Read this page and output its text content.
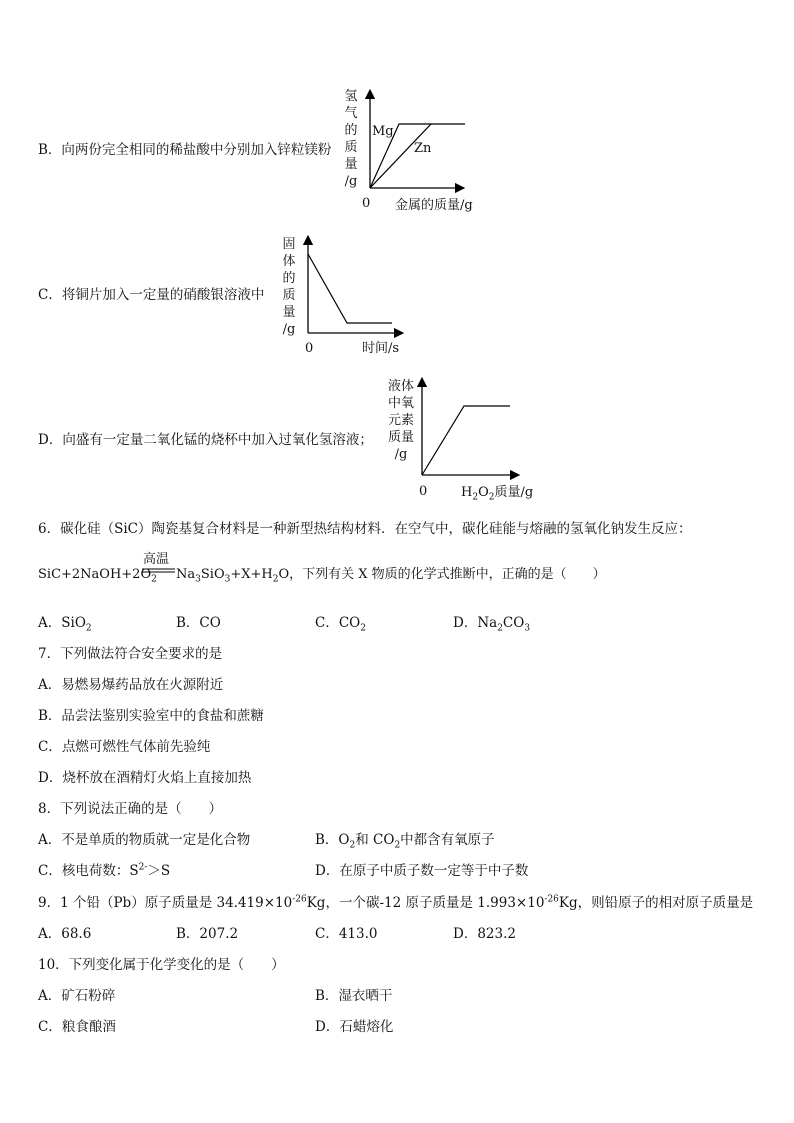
B．向两份完全相同的稀盐酸中分别加入锌粒镁粉
氢
气
的
质
量
/g
Mg
Zn
0 金属的质量/g
C．将铜片加入一定量的硝酸银溶液中
固
体
的
质
量
/g
0	时间/s
D．向盛有一定量二氧化锰的烧杯中加入过氧化氢溶液；
液体
中氧
元素
质量
/g
0	$H_2O_2$质量/g
6．碳化硅（SiC）陶瓷基复合材料是一种新型热结构材料．在空气中，碳化硅能与熔融的氢氧化钠发生反应：
高温
$SiC+2NaOH+2O_2$ $Na_3SiO_3+X+H_2O$，下列有关 X 物质的化学式推断中，正确的是（　　）
A．SiO$_2$	B．CO	C．$CO_2$	D．$Na_2CO_3$
7．下列做法符合安全要求的是
A．易燃易爆药品放在火源附近
B．品尝法鉴别实验室中的食盐和蔗糖
C．点燃可燃性气体前先验纯
D．烧杯放在酒精灯火焰上直接加热
8．下列说法正确的是（　　）
A．不是单质的物质就一定是化合物	B．$O_2$和 $CO_2$中都含有氧原子
C．核电荷数：$S^{2-}>S$	D．在原子中质子数一定等于中子数
9．1 个铅（Pb）原子质量是 $34.419\times 10^{-26}Kg$，一个碳-12 原子质量是 $1.993\times 10^{-26}Kg$，则铅原子的相对原子质量是
A．68.6	B．207.2	C．413.0	D．823.2
10．下列变化属于化学变化的是（　　）
A．矿石粉碎	B．湿衣晒干
C．粮食酿酒	D．石蜡熔化
